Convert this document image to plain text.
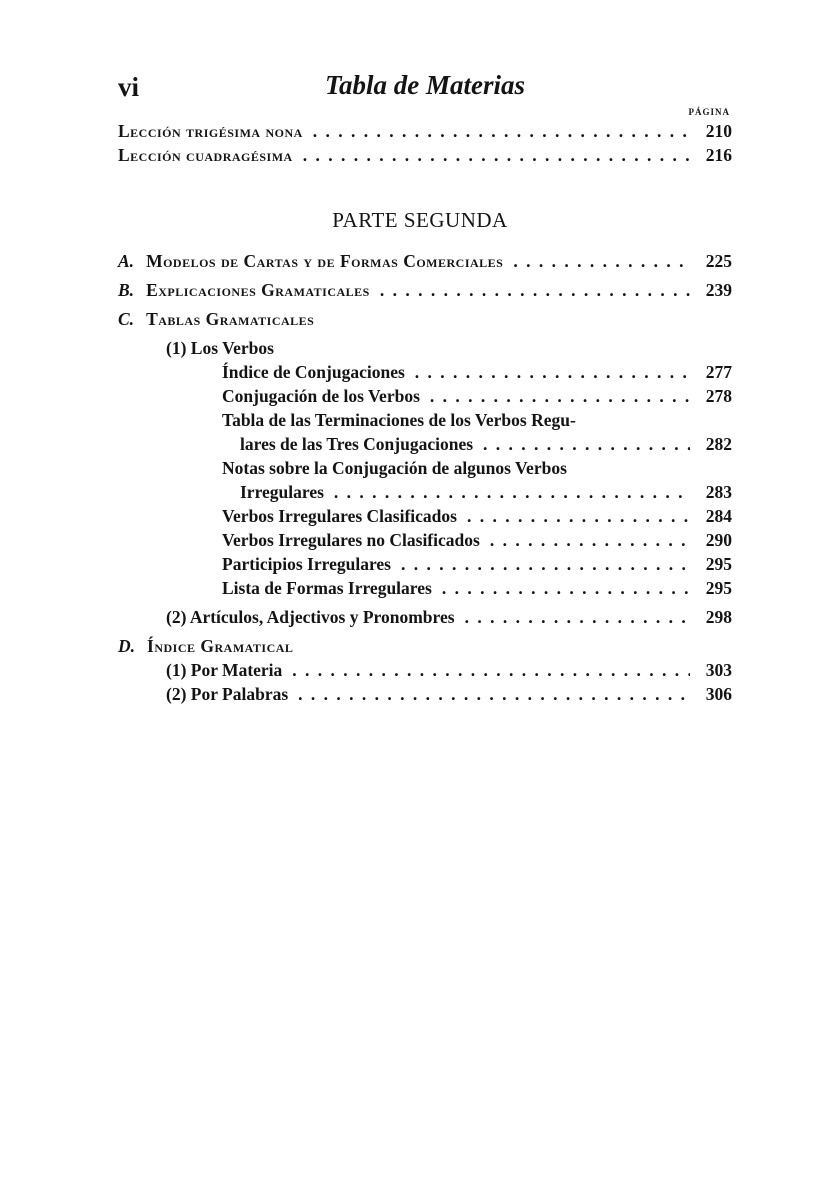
vi	Tabla de Materias
PÁGINA
Lección trigésima nona . . .	210
Lección cuadragésima . . .	216
PARTE SEGUNDA
A. Modelos de Cartas y de Formas Comerciales . . .	225
B. Explicaciones Gramaticales . . .	239
C. Tablas Gramaticales
(1) Los Verbos
Índice de Conjugaciones . . .	277
Conjugación de los Verbos . . .	278
Tabla de las Terminaciones de los Verbos Regu-
lares de las Tres Conjugaciones . . .	282
Notas sobre la Conjugación de algunos Verbos
Irregulares . . .	283
Verbos Irregulares Clasificados . . .	284
Verbos Irregulares no Clasificados . . .	290
Participios Irregulares . . .	295
Lista de Formas Irregulares . . .	295
(2) Artículos, Adjectivos y Pronombres . . .	298
D. Índice Gramatical
(1) Por Materia . . .	303
(2) Por Palabras . . .	306
